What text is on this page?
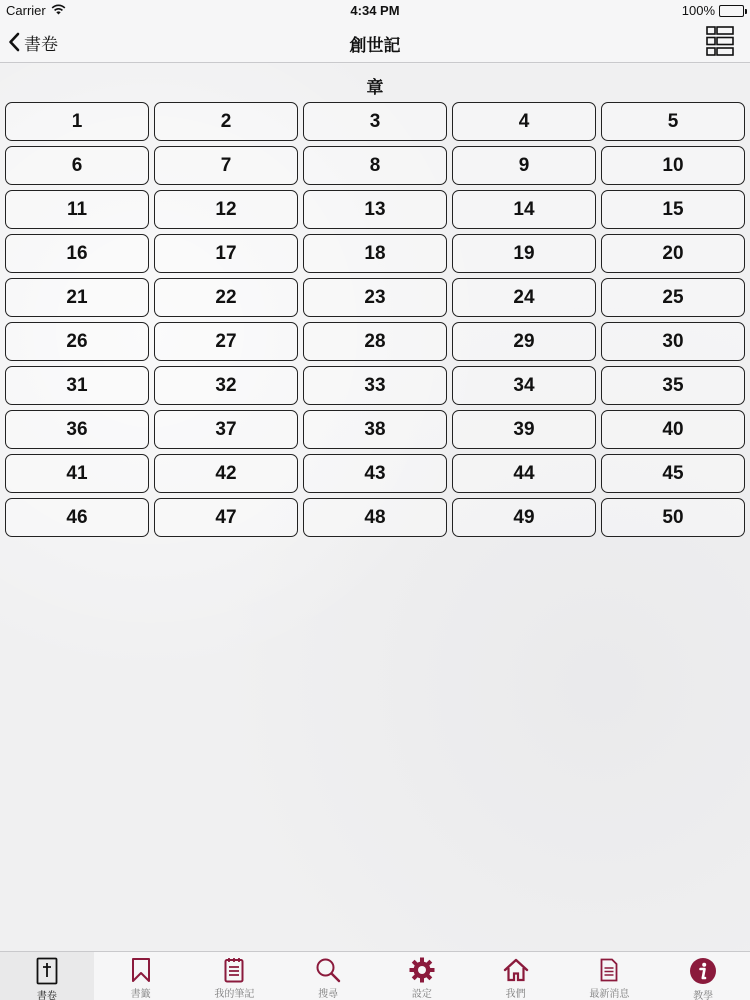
Carrier	4:34 PM	100%
書卷	創世記
章
1	2	3	4	5
6	7	8	9	10
11	12	13	14	15
16	17	18	19	20
21	22	23	24	25
26	27	28	29	30
31	32	33	34	35
36	37	38	39	40
41	42	43	44	45
46	47	48	49	50
書卷	書籤	我的筆記	搜尋	設定	我們	最新消息	教學
